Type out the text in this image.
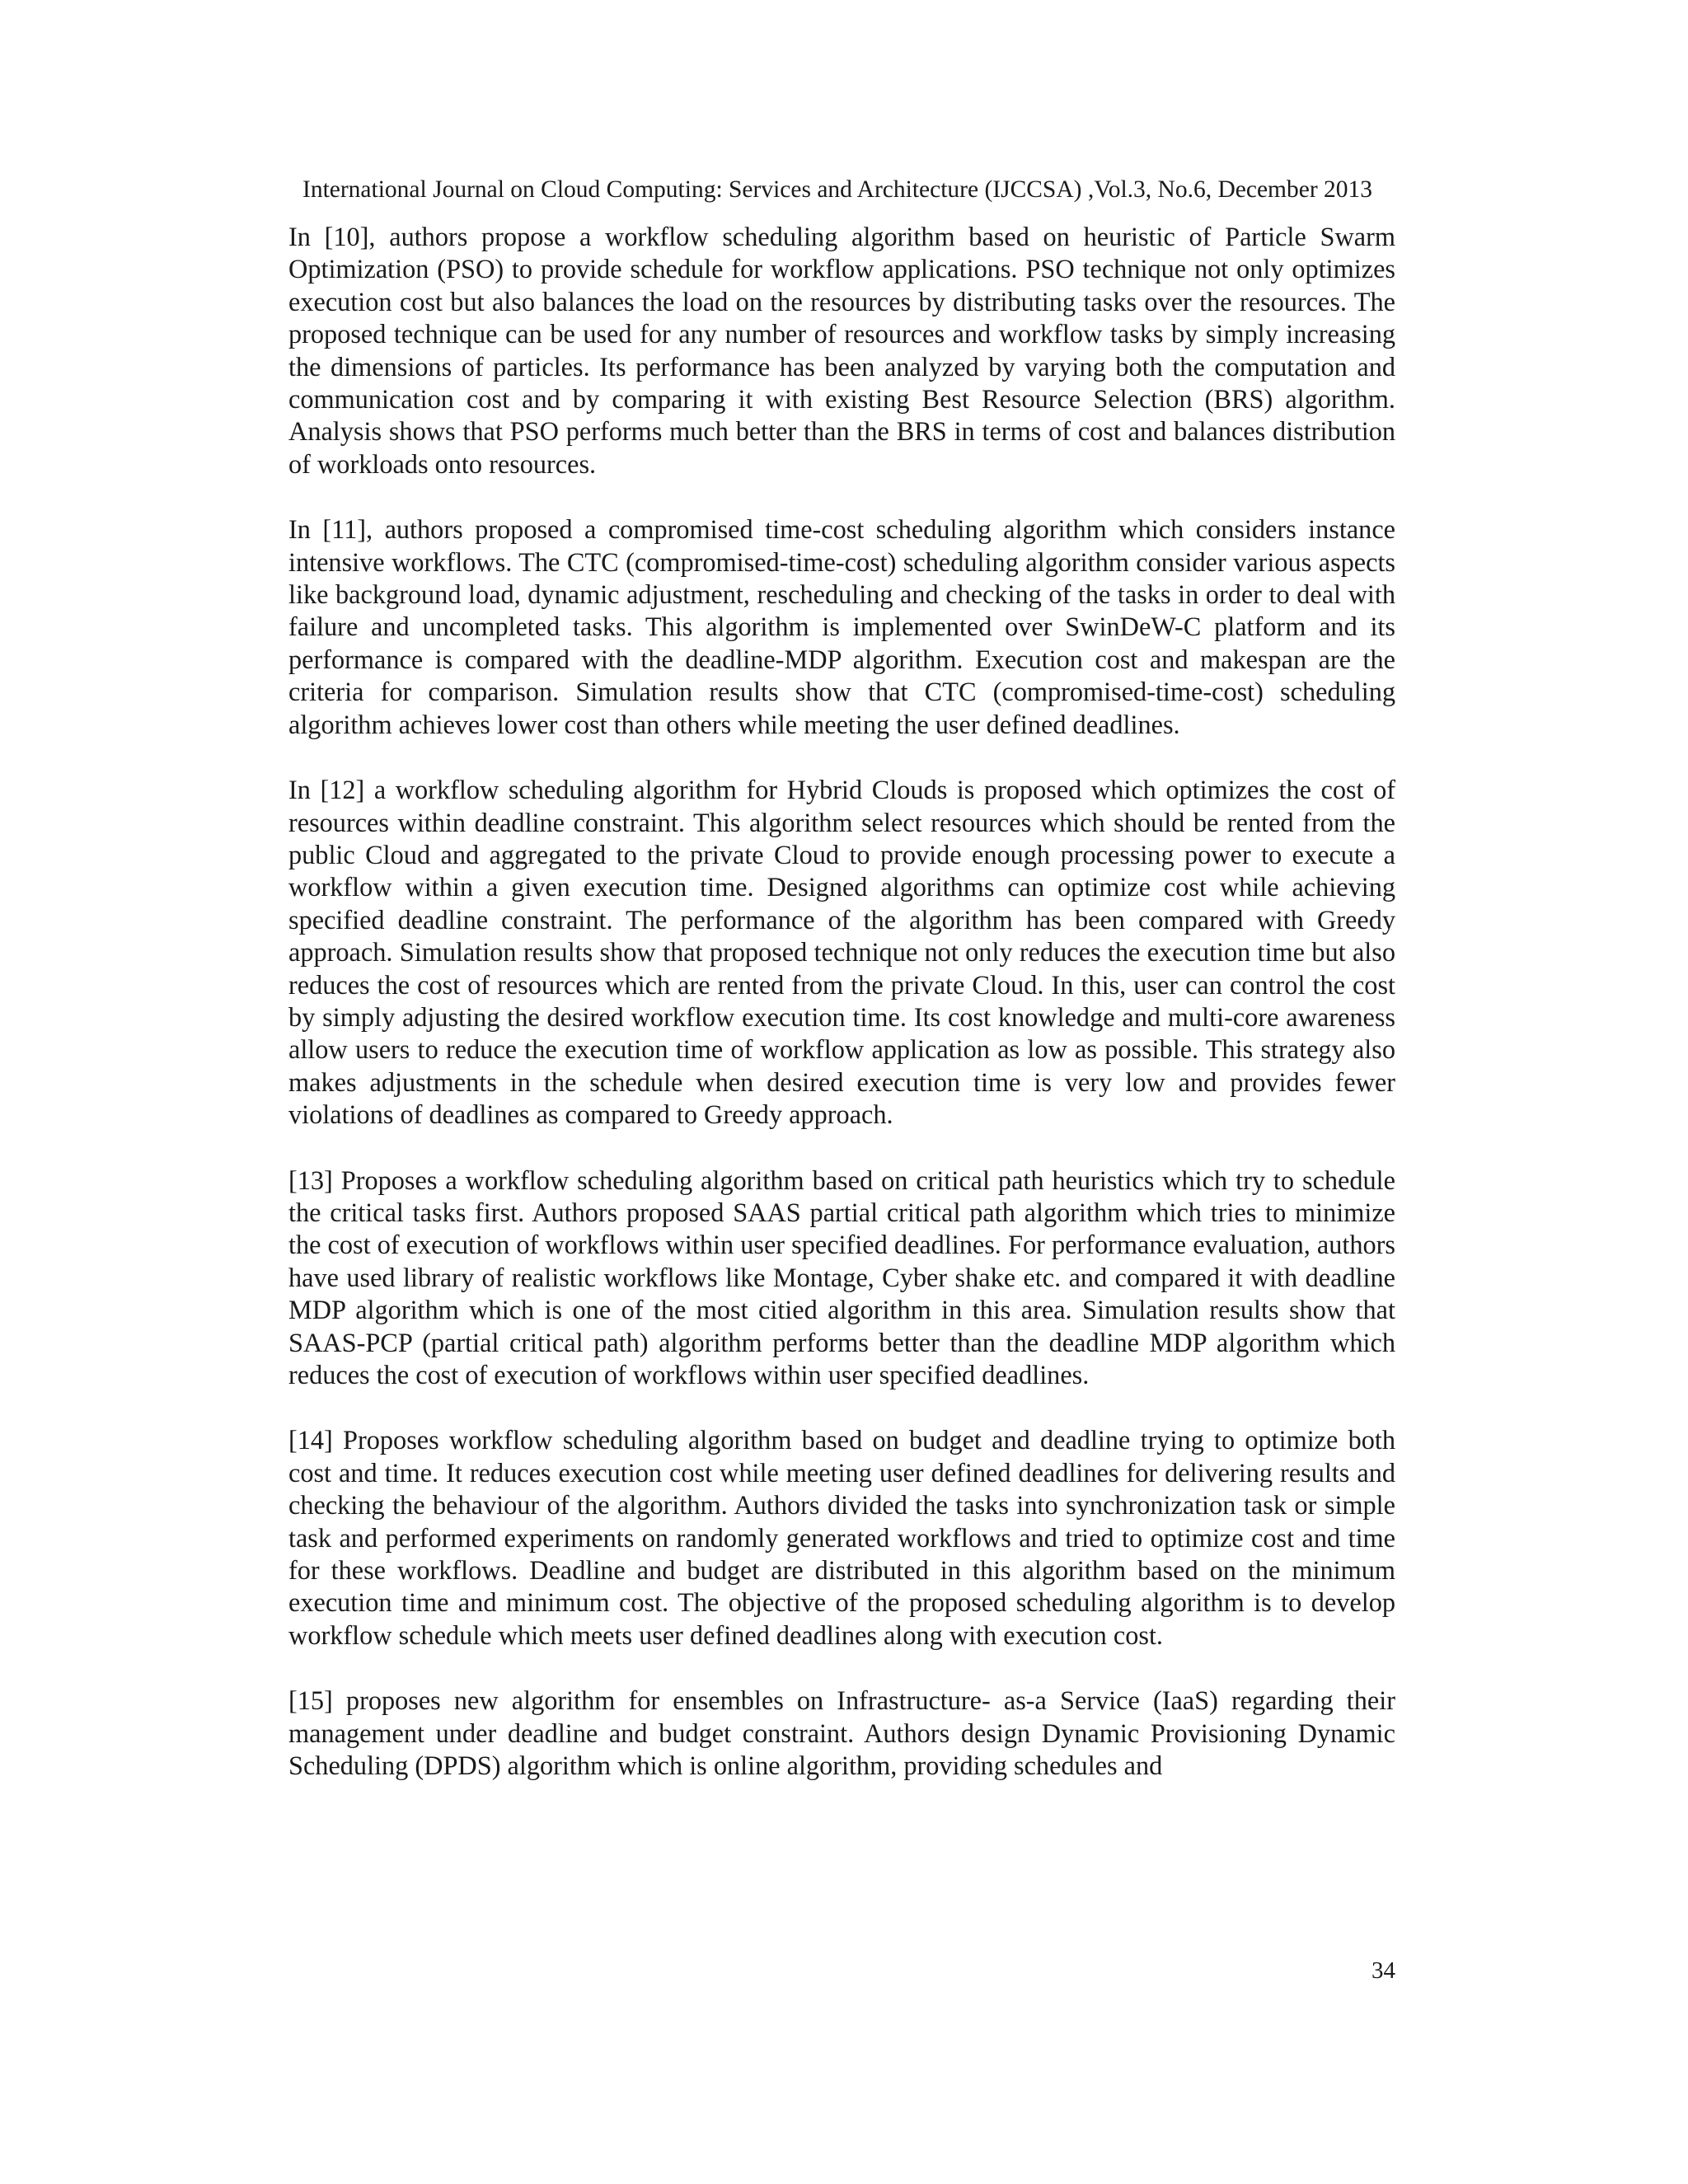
International Journal on Cloud Computing: Services and Architecture (IJCCSA) ,Vol.3, No.6, December 2013

In [10], authors propose a workflow scheduling algorithm based on heuristic of Particle Swarm Optimization (PSO) to provide schedule for workflow applications. PSO technique not only optimizes execution cost but also balances the load on the resources by distributing tasks over the resources. The proposed technique can be used for any number of resources and workflow tasks by simply increasing the dimensions of particles. Its performance has been analyzed by varying both the computation and communication cost and by comparing it with existing Best Resource Selection (BRS) algorithm. Analysis shows that PSO performs much better than the BRS in terms of cost and balances distribution of workloads onto resources.

In [11], authors proposed a compromised time-cost scheduling algorithm which considers instance intensive workflows. The CTC (compromised-time-cost) scheduling algorithm consider various aspects like background load, dynamic adjustment, rescheduling and checking of the tasks in order to deal with failure and uncompleted tasks. This algorithm is implemented over SwinDeW-C platform and its performance is compared with the deadline-MDP algorithm. Execution cost and makespan are the criteria for comparison. Simulation results show that CTC (compromised-time-cost) scheduling algorithm achieves lower cost than others while meeting the user defined deadlines.

In [12] a workflow scheduling algorithm for Hybrid Clouds is proposed which optimizes the cost of resources within deadline constraint. This algorithm select resources which should be rented from the public Cloud and aggregated to the private Cloud to provide enough processing power to execute a workflow within a given execution time. Designed algorithms can optimize cost while achieving specified deadline constraint. The performance of the algorithm has been compared with Greedy approach. Simulation results show that proposed technique not only reduces the execution time but also reduces the cost of resources which are rented from the private Cloud. In this, user can control the cost by simply adjusting the desired workflow execution time. Its cost knowledge and multi-core awareness allow users to reduce the execution time of workflow application as low as possible. This strategy also makes adjustments in the schedule when desired execution time is very low and provides fewer violations of deadlines as compared to Greedy approach.

[13] Proposes a workflow scheduling algorithm based on critical path heuristics which try to schedule the critical tasks first. Authors proposed SAAS partial critical path algorithm which tries to minimize the cost of execution of workflows within user specified deadlines. For performance evaluation, authors have used library of realistic workflows like Montage, Cyber shake etc. and compared it with deadline MDP algorithm which is one of the most citied algorithm in this area. Simulation results show that SAAS-PCP (partial critical path) algorithm performs better than the deadline MDP algorithm which reduces the cost of execution of workflows within user specified deadlines.

[14] Proposes workflow scheduling algorithm based on budget and deadline trying to optimize both cost and time. It reduces execution cost while meeting user defined deadlines for delivering results and checking the behaviour of the algorithm. Authors divided the tasks into synchronization task or simple task and performed experiments on randomly generated workflows and tried to optimize cost and time for these workflows. Deadline and budget are distributed in this algorithm based on the minimum execution time and minimum cost. The objective of the proposed scheduling algorithm is to develop workflow schedule which meets user defined deadlines along with execution cost.

[15] proposes new algorithm for ensembles on Infrastructure- as-a Service (IaaS) regarding their management under deadline and budget constraint. Authors design Dynamic Provisioning Dynamic Scheduling (DPDS) algorithm which is online algorithm, providing schedules and

34
